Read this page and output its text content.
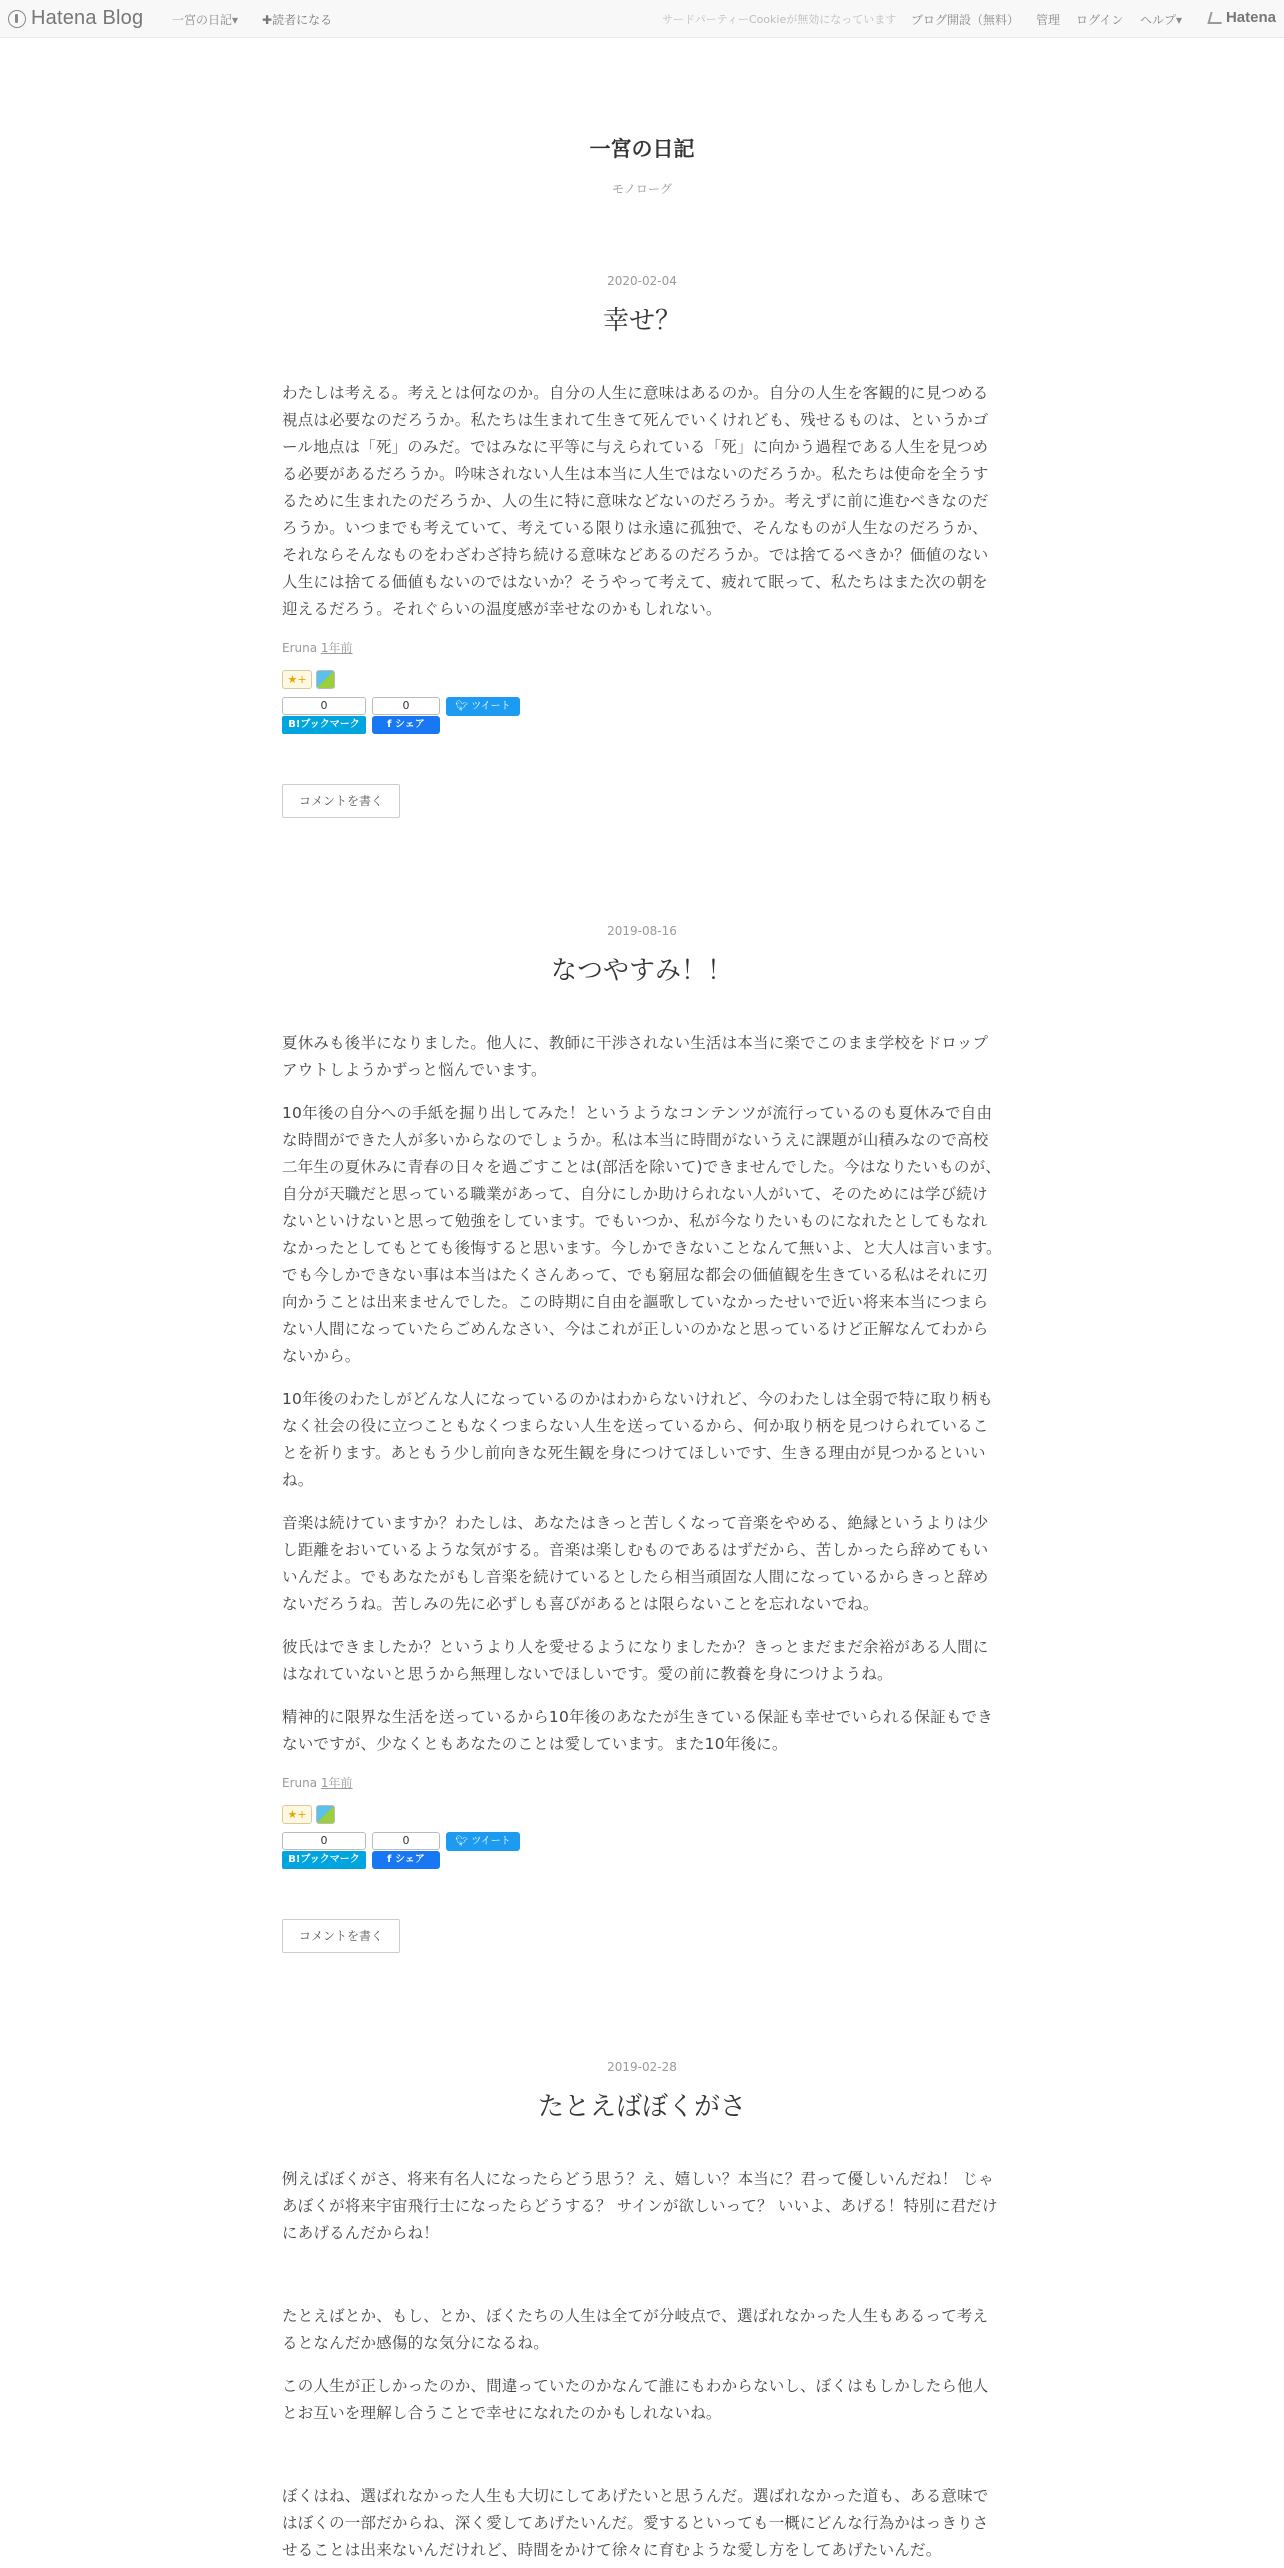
Hatena Blog 一宮の日記▾ ✚読者になる	サードパーティーCookieが無効になっています ブログ開設（無料） 管理 ログイン ヘルプ▾	Hatena
一宮の日記

モノローグ

2020-02-04
幸せ？

わたしは考える。考えとは何なのか。自分の人生に意味はあるのか。自分の人生を客観的に見つめる視点は必要なのだろうか。私たちは生まれて生きて死んでいくけれども、残せるものは、というかゴール地点は「死」のみだ。ではみなに平等に与えられている「死」に向かう過程である人生を見つめる必要があるだろうか。吟味されない人生は本当に人生ではないのだろうか。私たちは使命を全うするために生まれたのだろうか、人の生に特に意味などないのだろうか。考えずに前に進むべきなのだろうか。いつまでも考えていて、考えている限りは永遠に孤独で、そんなものが人生なのだろうか、それならそんなものをわざわざ持ち続ける意味などあるのだろうか。では捨てるべきか？価値のない人生には捨てる価値もないのではないか？そうやって考えて、疲れて眠って、私たちはまた次の朝を迎えるだろう。それぐらいの温度感が幸せなのかもしれない。

Eruna 1年前
★+
0
B!ブックマーク
0
f シェア
🐦︎ ツイート
コメントを書く
2019-08-16
なつやすみ！！

夏休みも後半になりました。他人に、教師に干渉されない生活は本当に楽でこのまま学校をドロップアウトしようかずっと悩んでいます。

10年後の自分への手紙を掘り出してみた！というようなコンテンツが流行っているのも夏休みで自由な時間ができた人が多いからなのでしょうか。私は本当に時間がないうえに課題が山積みなので高校二年生の夏休みに青春の日々を過ごすことは(部活を除いて)できませんでした。今はなりたいものが、自分が天職だと思っている職業があって、自分にしか助けられない人がいて、そのためには学び続けないといけないと思って勉強をしています。でもいつか、私が今なりたいものになれたとしてもなれなかったとしてもとても後悔すると思います。今しかできないことなんて無いよ、と大人は言います。でも今しかできない事は本当はたくさんあって、でも窮屈な都会の価値観を生きている私はそれに刃向かうことは出来ませんでした。この時期に自由を謳歌していなかったせいで近い将来本当につまらない人間になっていたらごめんなさい、今はこれが正しいのかなと思っているけど正解なんてわからないから。

10年後のわたしがどんな人になっているのかはわからないけれど、今のわたしは全弱で特に取り柄もなく社会の役に立つこともなくつまらない人生を送っているから、何か取り柄を見つけられていることを祈ります。あともう少し前向きな死生観を身につけてほしいです、生きる理由が見つかるといいね。

音楽は続けていますか？わたしは、あなたはきっと苦しくなって音楽をやめる、絶縁というよりは少し距離をおいているような気がする。音楽は楽しむものであるはずだから、苦しかったら辞めてもいいんだよ。でもあなたがもし音楽を続けているとしたら相当頑固な人間になっているからきっと辞めないだろうね。苦しみの先に必ずしも喜びがあるとは限らないことを忘れないでね。

彼氏はできましたか？というより人を愛せるようになりましたか？きっとまだまだ余裕がある人間にはなれていないと思うから無理しないでほしいです。愛の前に教養を身につけようね。

精神的に限界な生活を送っているから10年後のあなたが生きている保証も幸せでいられる保証もできないですが、少なくともあなたのことは愛しています。また10年後に。

Eruna 1年前
★+
0
B!ブックマーク
0
f シェア
🐦︎ ツイート
コメントを書く
2019-02-28
たとえばぼくがさ

例えばぼくがさ、将来有名人になったらどう思う？え、嬉しい？本当に？君って優しいんだね！ じゃあぼくが将来宇宙飛行士になったらどうする？ サインが欲しいって？ いいよ、あげる！特別に君だけにあげるんだからね！

たとえばとか、もし、とか、ぼくたちの人生は全てが分岐点で、選ばれなかった人生もあるって考えるとなんだか感傷的な気分になるね。

この人生が正しかったのか、間違っていたのかなんて誰にもわからないし、ぼくはもしかしたら他人とお互いを理解し合うことで幸せになれたのかもしれないね。

ぼくはね、選ばれなかった人生も大切にしてあげたいと思うんだ。選ばれなかった道も、ある意味ではぼくの一部だからね、深く愛してあげたいんだ。愛するといっても一概にどんな行為かはっきりさせることは出来ないんだけれど、時間をかけて徐々に育むような愛し方をしてあげたいんだ。
